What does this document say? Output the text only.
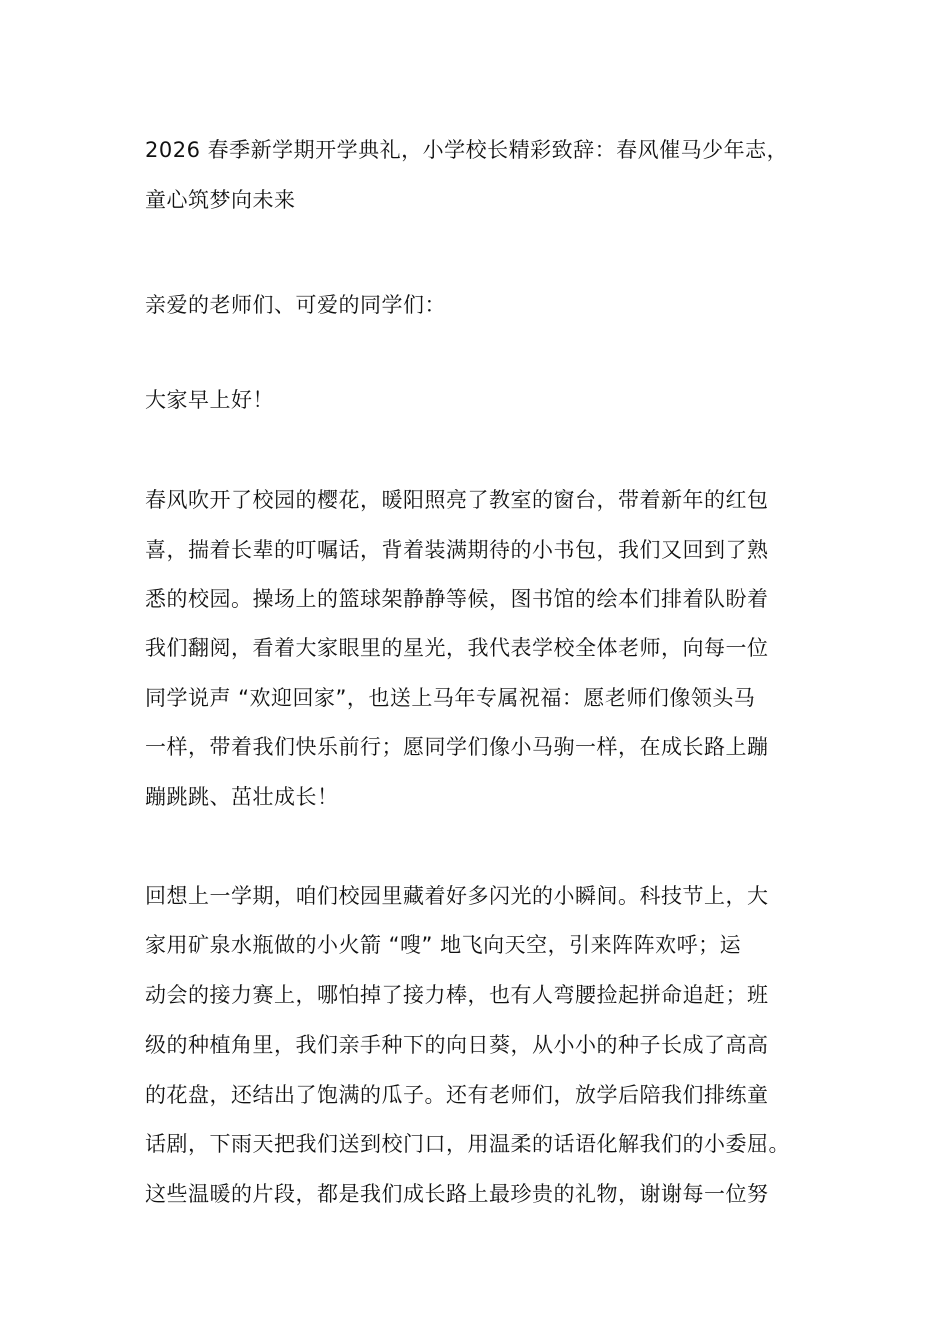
2026 春季新学期开学典礼，小学校长精彩致辞：春风催马少年志，
童心筑梦向未来
亲爱的老师们、可爱的同学们：
大家早上好！
春风吹开了校园的樱花，暖阳照亮了教室的窗台，带着新年的红包
喜，揣着长辈的叮嘱话，背着装满期待的小书包，我们又回到了熟
悉的校园。操场上的篮球架静静等候，图书馆的绘本们排着队盼着
我们翻阅，看着大家眼里的星光，我代表学校全体老师，向每一位
同学说声 “欢迎回家”，也送上马年专属祝福：愿老师们像领头马
一样，带着我们快乐前行；愿同学们像小马驹一样，在成长路上蹦
蹦跳跳、茁壮成长！
回想上一学期，咱们校园里藏着好多闪光的小瞬间。科技节上，大
家用矿泉水瓶做的小火箭 “嗖” 地飞向天空，引来阵阵欢呼；运
动会的接力赛上，哪怕掉了接力棒，也有人弯腰捡起拼命追赶；班
级的种植角里，我们亲手种下的向日葵，从小小的种子长成了高高
的花盘，还结出了饱满的瓜子。还有老师们，放学后陪我们排练童
话剧，下雨天把我们送到校门口，用温柔的话语化解我们的小委屈。
这些温暖的片段，都是我们成长路上最珍贵的礼物，谢谢每一位努
